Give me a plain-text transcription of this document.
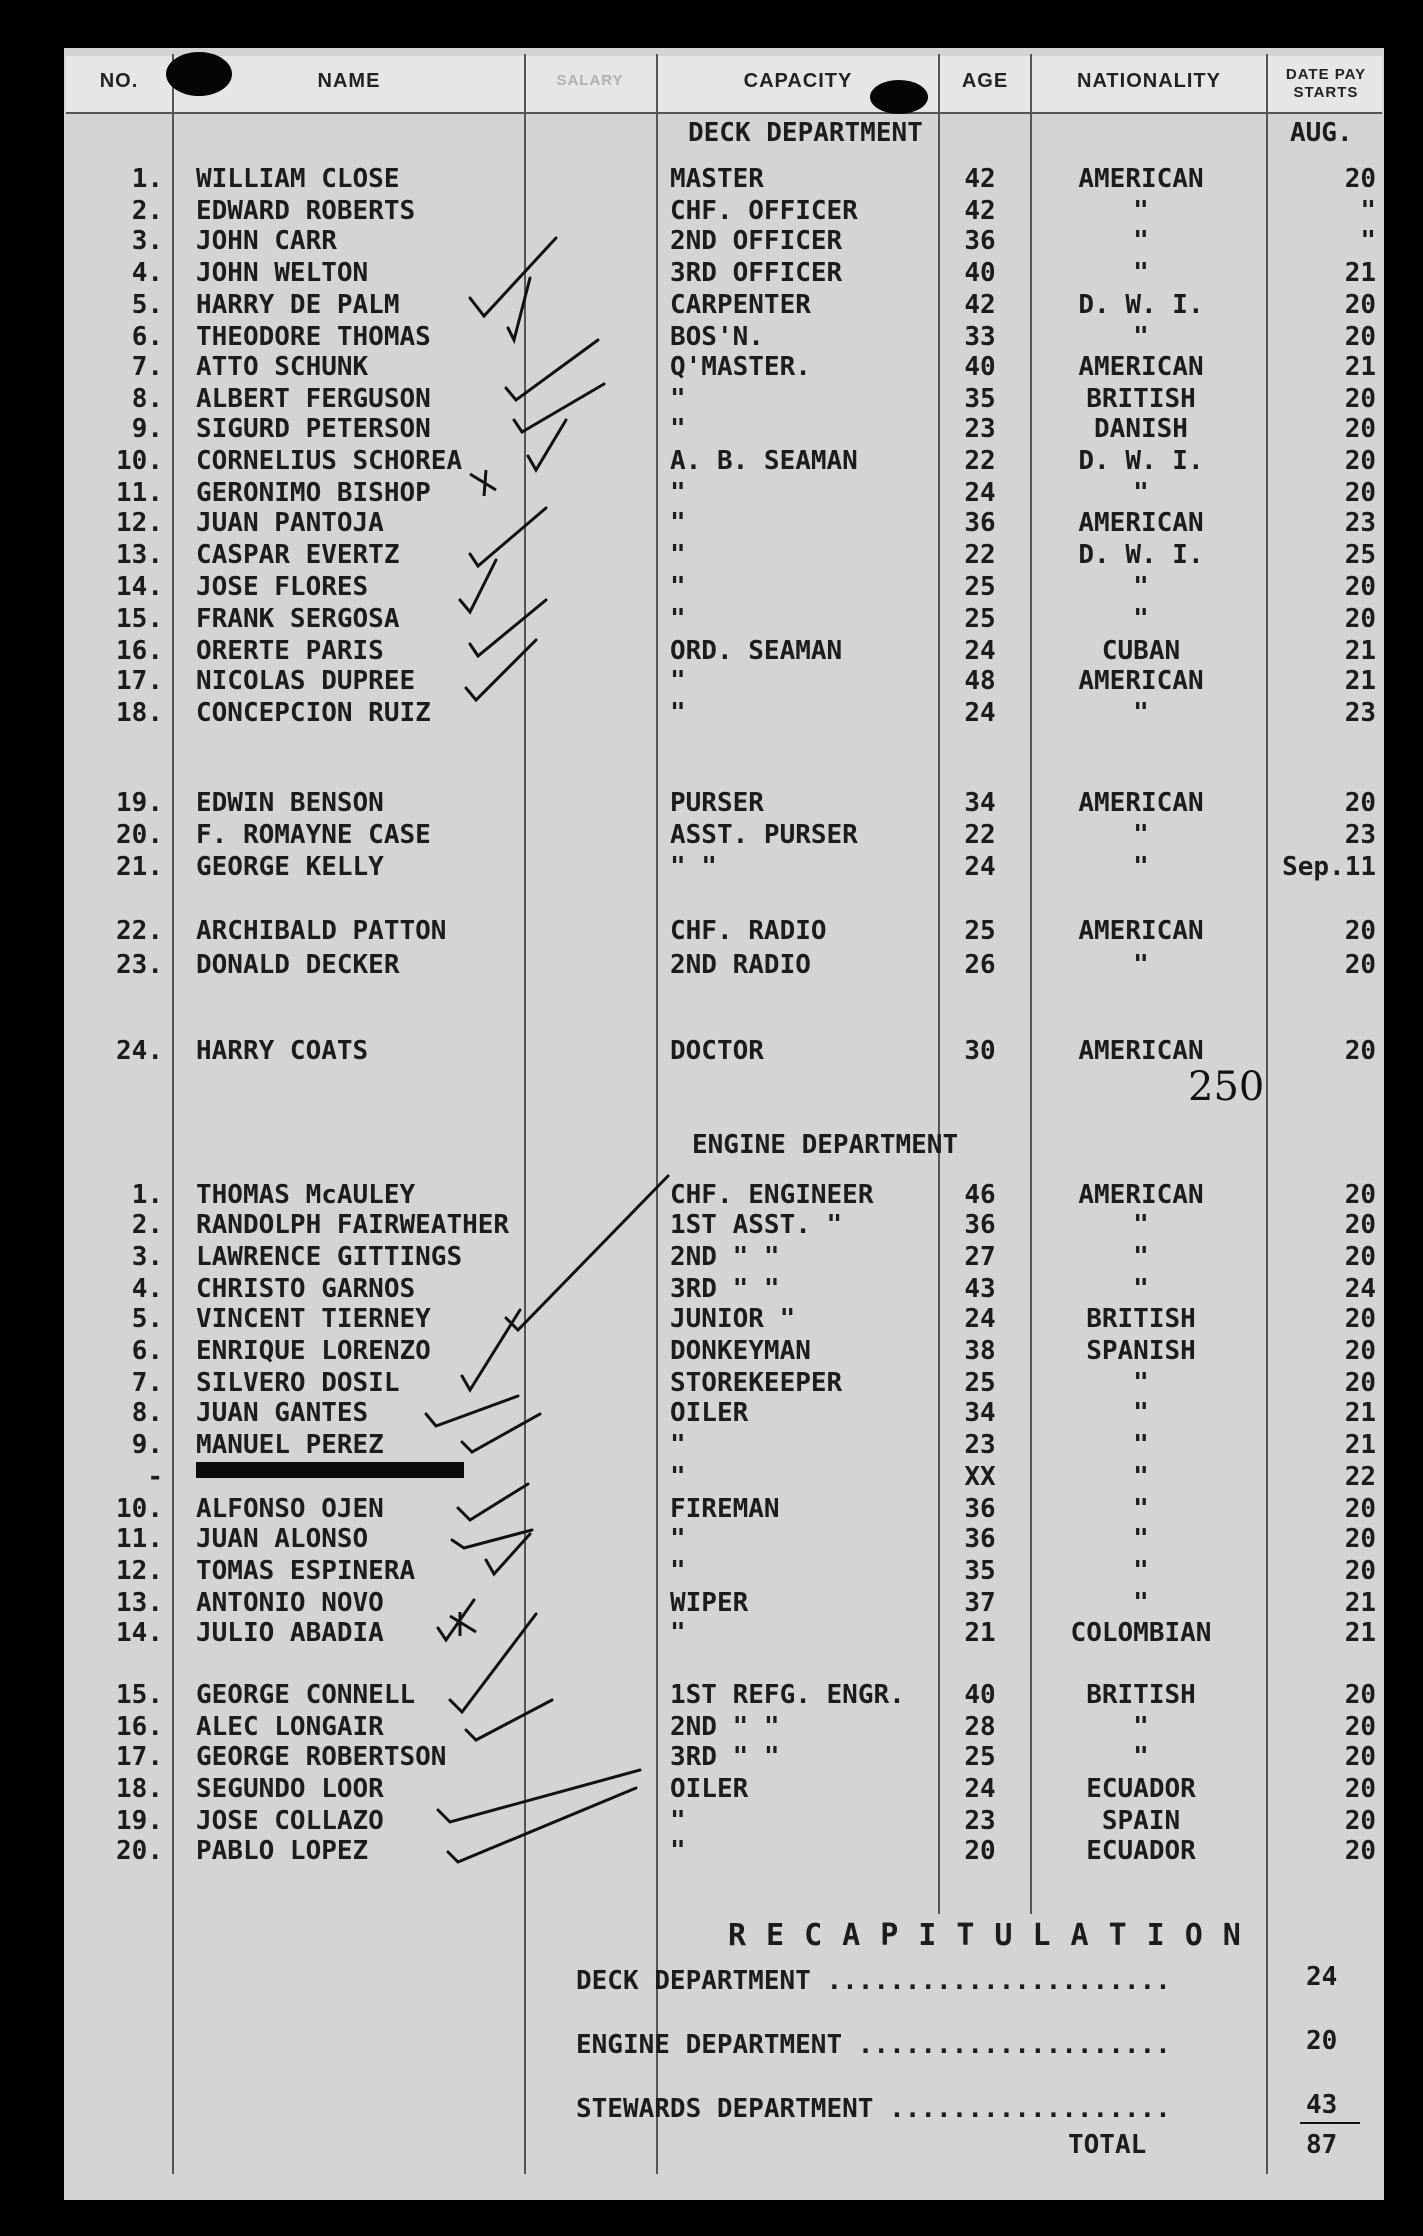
NO.	NAME	SALARY	CAPACITY	AGE	NATIONALITY	DATE PAY
STARTS
DECK DEPARTMENT	AUG.
ENGINE DEPARTMENT
1. WILLIAM CLOSE	MASTER	42	AMERICAN	20
2. EDWARD ROBERTS	CHF. OFFICER	42	"	"
3. JOHN CARR	2ND OFFICER	36	"	"
4. JOHN WELTON	3RD OFFICER	40	"	21
5. HARRY DE PALM	CARPENTER	42	D. W. I.	20
6. THEODORE THOMAS	BOS'N.	33	"	20
7. ATTO SCHUNK	Q'MASTER.	40	AMERICAN	21
8. ALBERT FERGUSON	"	35	BRITISH	20
9. SIGURD PETERSON	"	23	DANISH	20
10. CORNELIUS SCHOREA	A. B. SEAMAN	22	D. W. I.	20
11. GERONIMO BISHOP	"	24	"	20
12. JUAN PANTOJA	"	36	AMERICAN	23
13. CASPAR EVERTZ	"	22	D. W. I.	25
14. JOSE FLORES	"	25	"	20
15. FRANK SERGOSA	"	25	"	20
16. ORERTE PARIS	ORD. SEAMAN	24	CUBAN	21
17. NICOLAS DUPREE	"	48	AMERICAN	21
18. CONCEPCION RUIZ	"	24	"	23
19. EDWIN BENSON	PURSER	34	AMERICAN	20
20. F. ROMAYNE CASE	ASST. PURSER	22	"	23
21. GEORGE KELLY	" "	24	"	Sep.11
22. ARCHIBALD PATTON	CHF. RADIO	25	AMERICAN	20
23. DONALD DECKER	2ND RADIO	26	"	20
24. HARRY COATS	DOCTOR	30	AMERICAN	20
1. THOMAS McAULEY	CHF. ENGINEER	46	AMERICAN	20
2. RANDOLPH FAIRWEATHER	1ST ASST. "	36	"	20
3. LAWRENCE GITTINGS	2ND " "	27	"	20
4. CHRISTO GARNOS	3RD " "	43	"	24
5. VINCENT TIERNEY	JUNIOR "	24	BRITISH	20
6. ENRIQUE LORENZO	DONKEYMAN	38	SPANISH	20
7. SILVERO DOSIL	STOREKEEPER	25	"	20
8. JUAN GANTES	OILER	34	"	21
9. MANUEL PEREZ	"	23	"	21
-	"	XX	"	22
10. ALFONSO OJEN	FIREMAN	36	"	20
11. JUAN ALONSO	"	36	"	20
12. TOMAS ESPINERA	"	35	"	20
13. ANTONIO NOVO	WIPER	37	"	21
14. JULIO ABADIA	"	21	COLOMBIAN	21
15. GEORGE CONNELL	1ST REFG. ENGR.	40	BRITISH	20
16. ALEC LONGAIR	2ND " "	28	"	20
17. GEORGE ROBERTSON	3RD " "	25	"	20
18. SEGUNDO LOOR	OILER	24	ECUADOR	20
19. JOSE COLLAZO	"	23	SPAIN	20
20. PABLO LOPEZ	"	20	ECUADOR	20
250
RECAPITULATION
DECK DEPARTMENT ......................	24
ENGINE DEPARTMENT ....................	20
STEWARDS DEPARTMENT ..................	43
TOTAL	87
